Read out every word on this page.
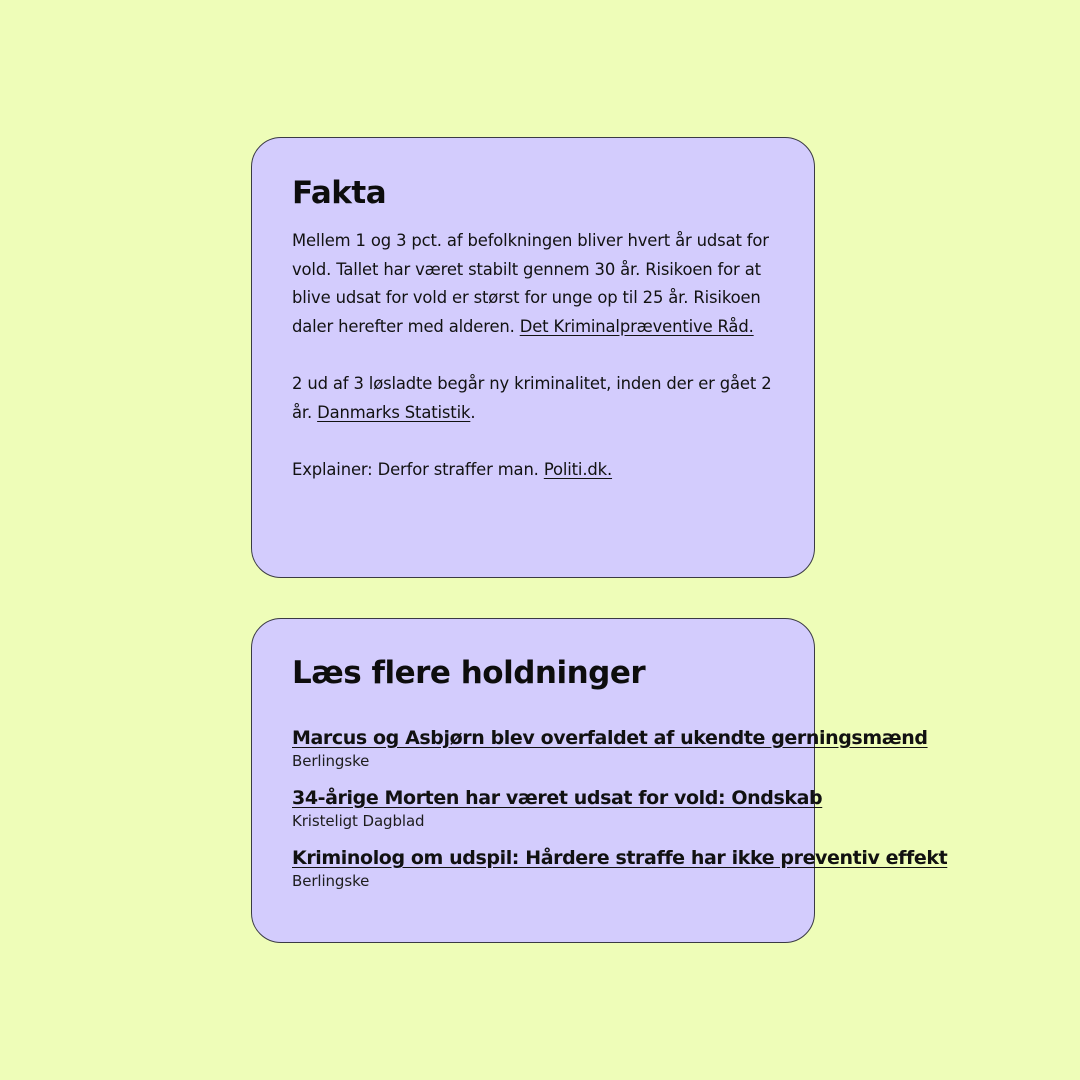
Fakta

Mellem 1 og 3 pct. af befolkningen bliver hvert år udsat for vold. Tallet har været stabilt gennem 30 år. Risikoen for at blive udsat for vold er størst for unge op til 25 år. Risikoen daler herefter med alderen. Det Kriminalpræventive Råd.

2 ud af 3 løsladte begår ny kriminalitet, inden der er gået 2 år. Danmarks Statistik.

Explainer: Derfor straffer man. Politi.dk.

Læs flere holdninger
Marcus og Asbjørn blev overfaldet af ukendte gerningsmænd
Berlingske
34-årige Morten har været udsat for vold: Ondskab
Kristeligt Dagblad
Kriminolog om udspil: Hårdere straffe har ikke preventiv effekt
Berlingske
